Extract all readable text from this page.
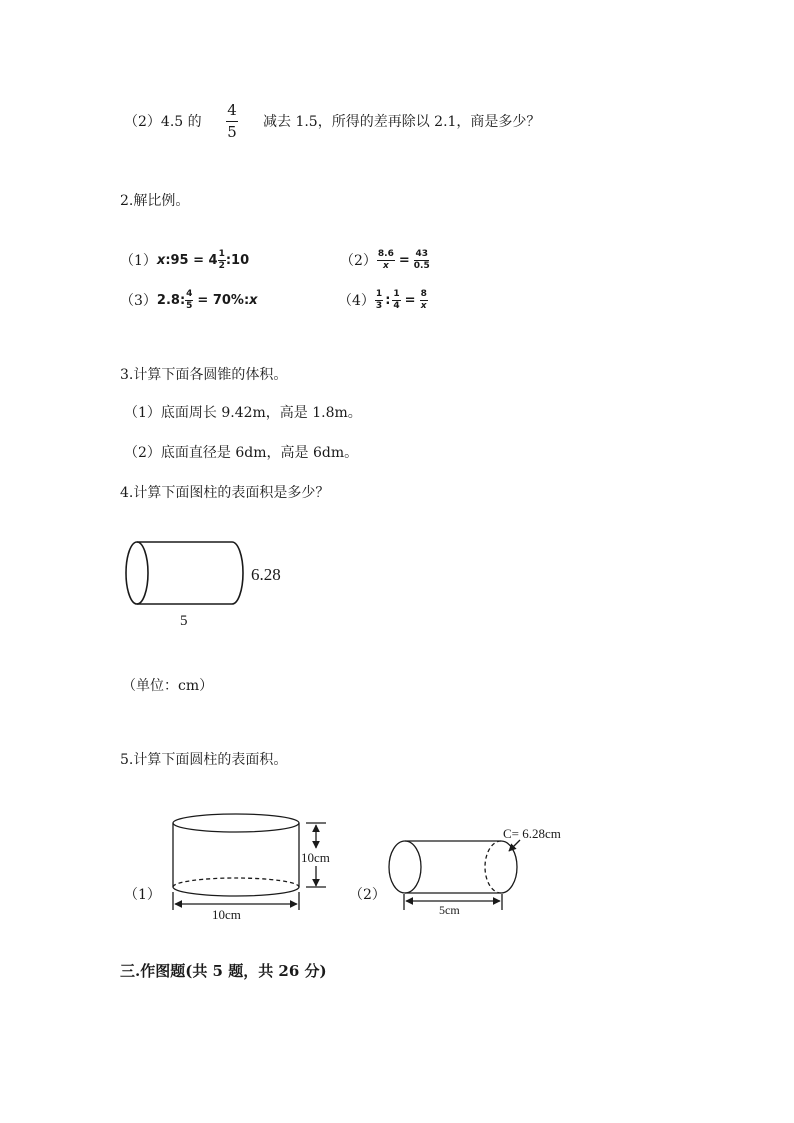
（2）4.5 的 $\frac{4}{5}$ 减去 1.5，所得的差再除以 2.1，商是多少？
2.解比例。
（1） x:95 = $4 \frac{1}{2}$ :10	$(2) \frac{8.6}{x} = \frac{43}{0.5}$
（3） 2.8: $\frac{4}{5} = 70\%$: x	$(4) \frac{1}{3}$ : $\frac{1}{4} = \frac{8}{x}$
3.计算下面各圆锥的体积。
（1）底面周长 9.42m，高是 1.8m。
（2）底面直径是 6dm，高是 6dm。
4.计算下面图柱的表面积是多少？
6.28
5
（单位：cm）
5.计算下面圆柱的表面积。
（1）
10cm
10cm
（2）
C= 6.28cm
5cm
三.作图题(共 5 题，共 26 分)
